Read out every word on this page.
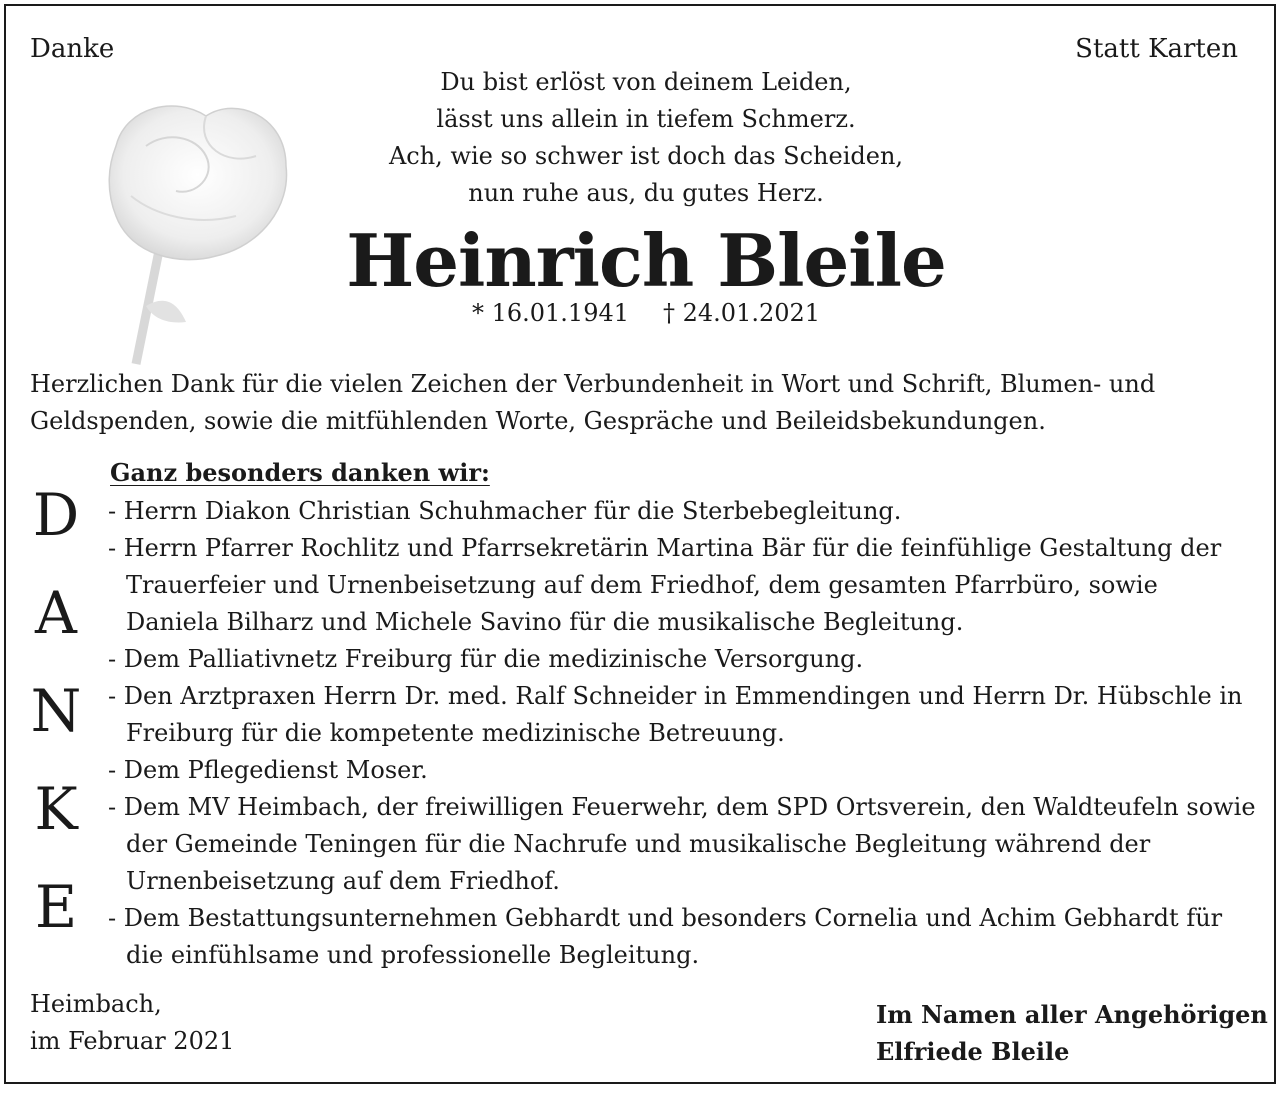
Danke	Statt Karten
Du bist erlöst von deinem Leiden,
lässt uns allein in tiefem Schmerz.
Ach, wie so schwer ist doch das Scheiden,
nun ruhe aus, du gutes Herz.
Heinrich Bleile
* 16.01.1941 † 24.01.2021
Herzlichen Dank für die vielen Zeichen der Verbundenheit in Wort und Schrift, Blumen- und Geldspenden, sowie die mitfühlenden Worte, Gespräche und Beileidsbekundungen.
D
A
N
K
E
Ganz besonders danken wir:
- Herrn Diakon Christian Schuhmacher für die Sterbebegleitung.
- Herrn Pfarrer Rochlitz und Pfarrsekretärin Martina Bär für die feinfühlige Gestaltung der Trauerfeier und Urnenbeisetzung auf dem Friedhof, dem gesamten Pfarrbüro, sowie Daniela Bilharz und Michele Savino für die musikalische Begleitung.
- Dem Palliativnetz Freiburg für die medizinische Versorgung.
- Den Arztpraxen Herrn Dr. med. Ralf Schneider in Emmendingen und Herrn Dr. Hübschle in Freiburg für die kompetente medizinische Betreuung.
- Dem Pflegedienst Moser.
- Dem MV Heimbach, der freiwilligen Feuerwehr, dem SPD Ortsverein, den Waldteufeln sowie der Gemeinde Teningen für die Nachrufe und musikalische Begleitung während der Urnenbeisetzung auf dem Friedhof.
- Dem Bestattungsunternehmen Gebhardt und besonders Cornelia und Achim Gebhardt für die einfühlsame und professionelle Begleitung.
Heimbach,
im Februar 2021
Im Namen aller Angehörigen
Elfriede Bleile
